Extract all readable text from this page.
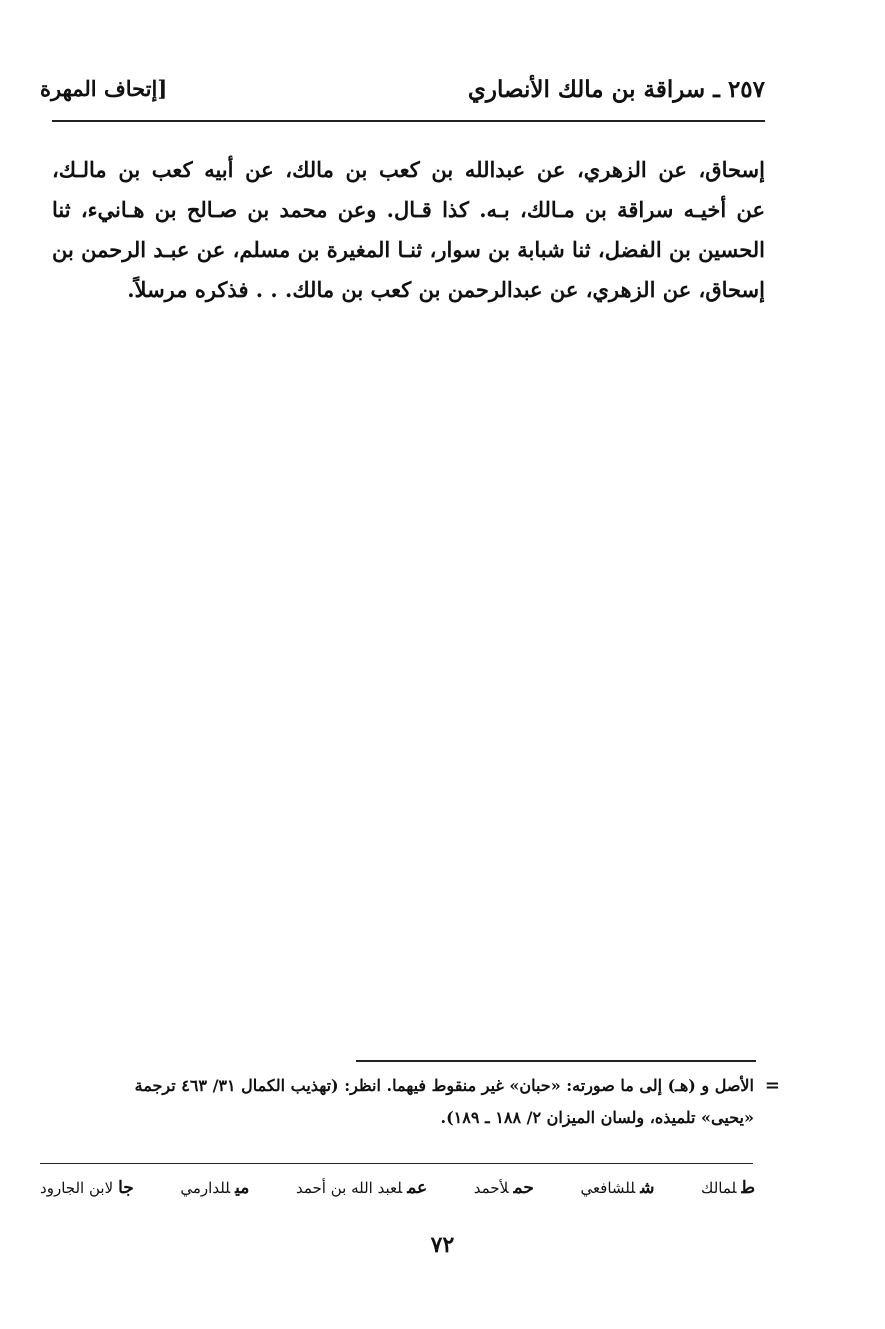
٢٥٧ ـ سراقة بن مالك الأنصاري
[إتحاف المهرة
إسحاق، عن الزهري، عن عبدالله بن كعب بن مالك، عن أبيه كعب بن مالـك،
عن أخيـه سراقة بن مـالك، بـه. كذا قـال. وعن محمد بن صـالح بن هـانيء، ثنا
الحسين بن الفضل، ثنا شبابة بن سوار، ثنـا المغيرة بن مسلم، عن عبـد الرحمن بن
إسحاق، عن الزهري، عن عبدالرحمن بن كعب بن مالك. . . فذكره مرسلاً.
=
الأصل و (هـ) إلى ما صورته: «حبان» غير منقوط فيهما. انظر: (تهذيب الكمال ٣١/ ٤٦٣ ترجمة
«يحيى» تلميذه، ولسان الميزان ٢/ ١٨٨ ـ ١٨٩).
طلمالك
شللشافعي
حملأحمد
عملعبد الله بن أحمد
ميللدارمي
جالابن الجارود
٧٢
